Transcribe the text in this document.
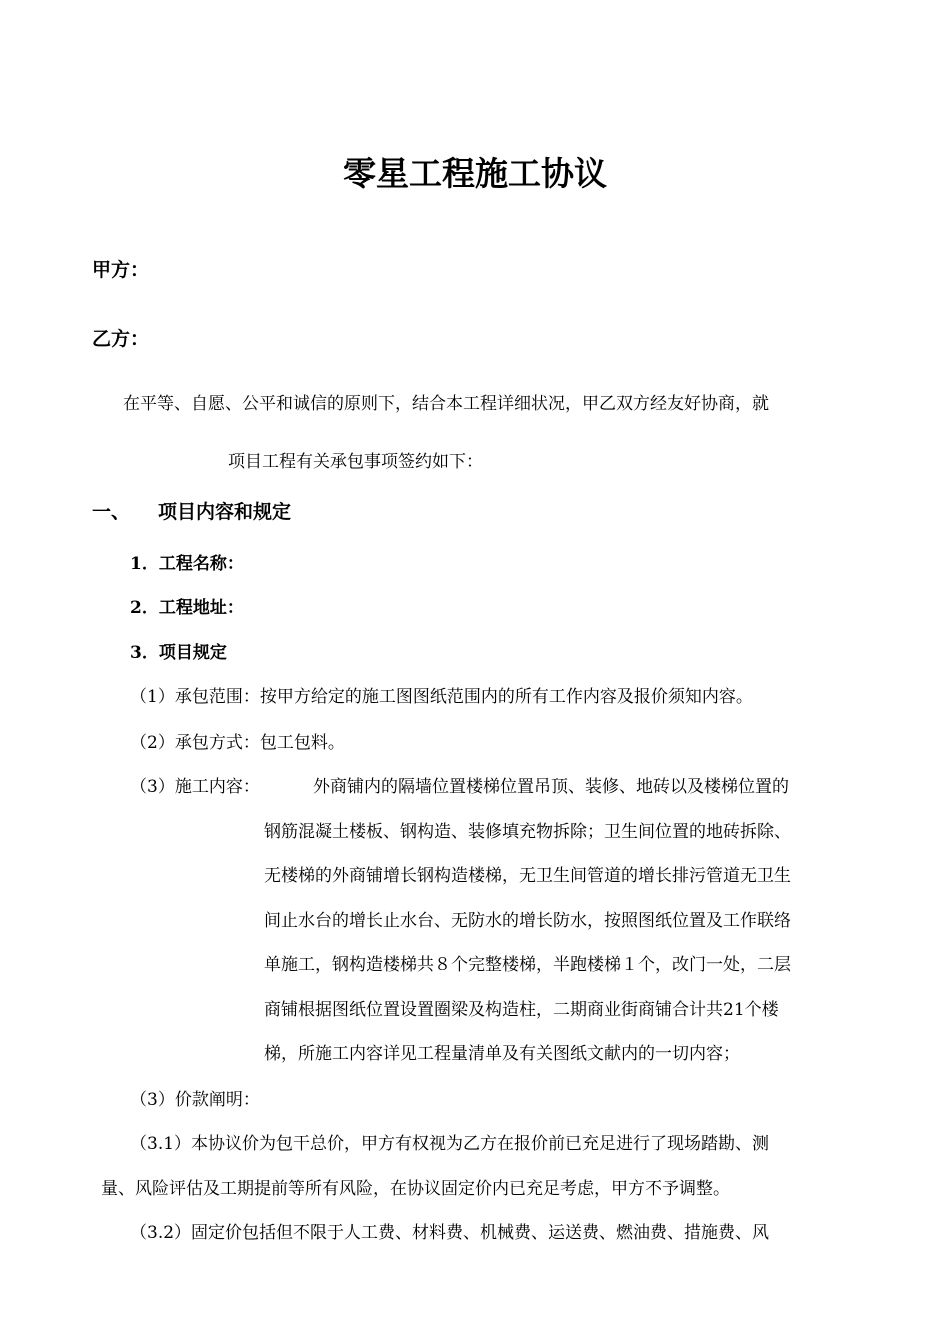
零星工程施工协议
甲方：
乙方：
在平等、自愿、公平和诚信的原则下，结合本工程详细状况，甲乙双方经友好协商，就
项目工程有关承包事项签约如下：
一、 项目内容和规定
1．工程名称：
2．工程地址：
3．项目规定
（1）承包范围：按甲方给定的施工图图纸范围内的所有工作内容及报价须知内容。
（2）承包方式：包工包料。
（3）施工内容：	外商铺内的隔墙位置楼梯位置吊顶、装修、地砖以及楼梯位置的
钢筋混凝土楼板、钢构造、装修填充物拆除；卫生间位置的地砖拆除、
无楼梯的外商铺增长钢构造楼梯，无卫生间管道的增长排污管道无卫生
间止水台的增长止水台、无防水的增长防水，按照图纸位置及工作联络
单施工，钢构造楼梯共８个完整楼梯，半跑楼梯１个，改门一处，二层
商铺根据图纸位置设置圈梁及构造柱，二期商业街商铺合计共21个楼
梯，所施工内容详见工程量清单及有关图纸文献内的一切内容；
（3）价款阐明：
（3.1）本协议价为包干总价，甲方有权视为乙方在报价前已充足进行了现场踏勘、测
量、风险评估及工期提前等所有风险，在协议固定价内已充足考虑，甲方不予调整。
（3.2）固定价包括但不限于人工费、材料费、机械费、运送费、燃油费、措施费、风
